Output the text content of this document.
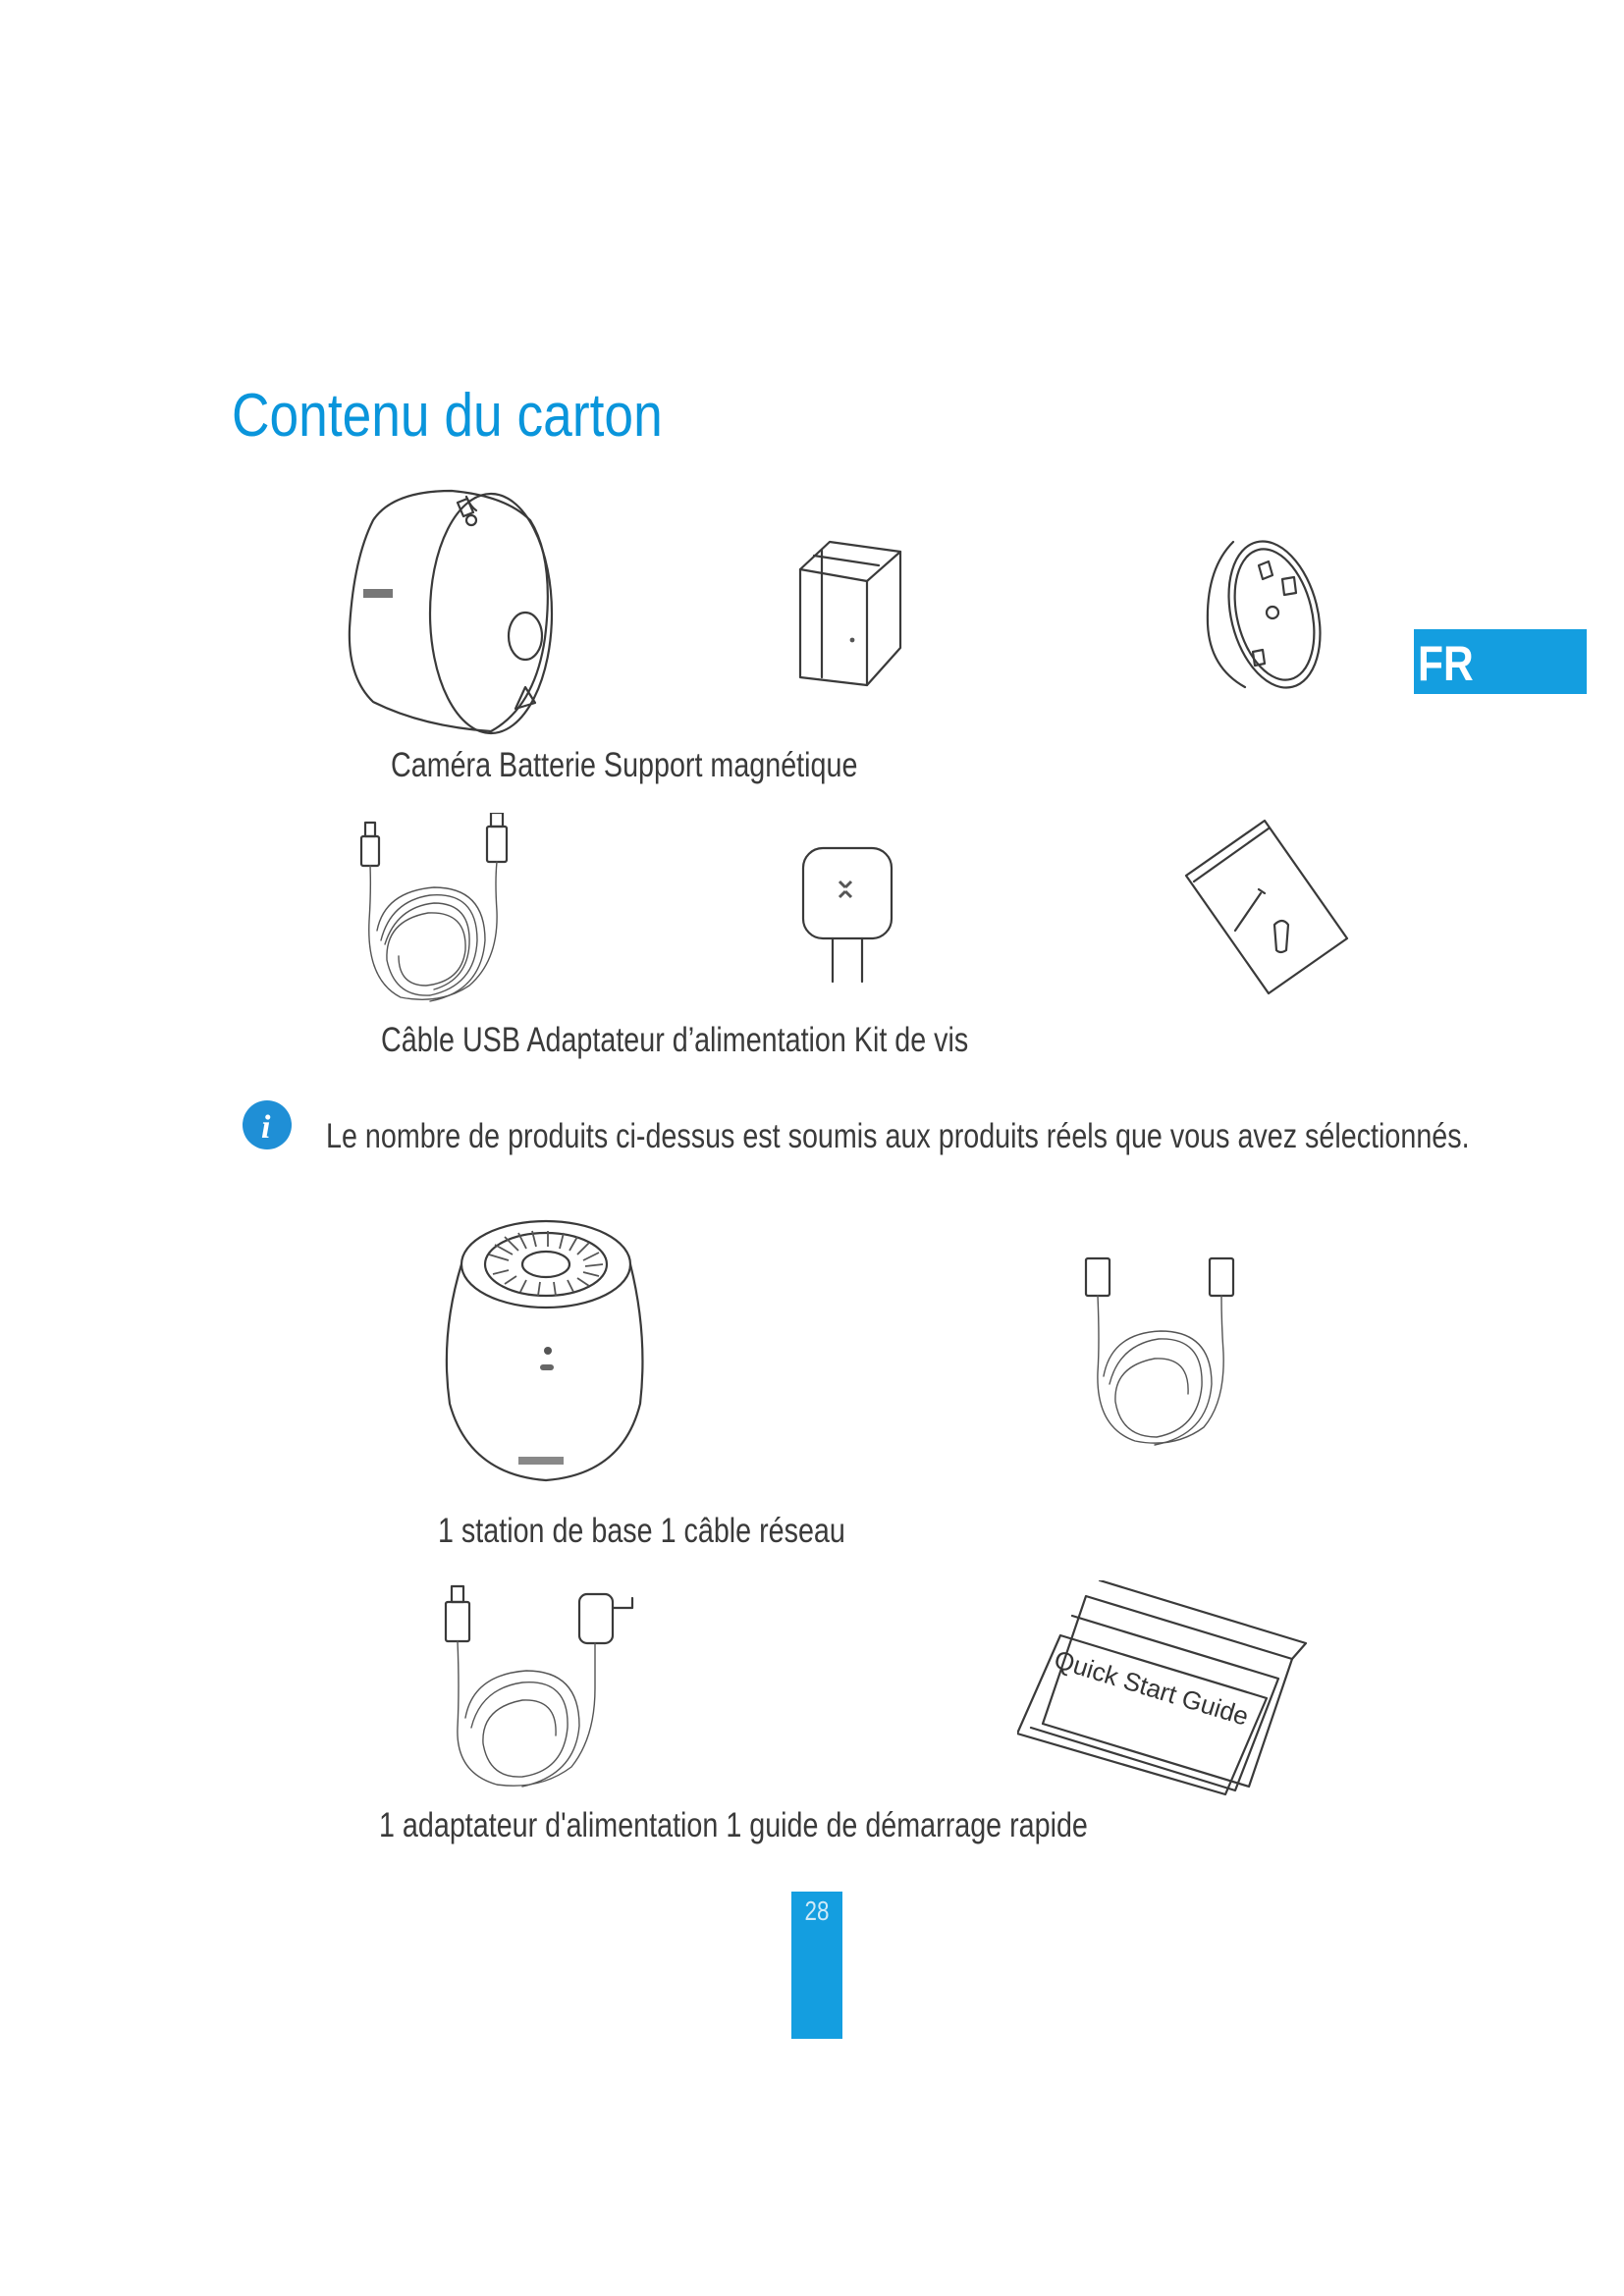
Contenu du carton
FR
Caméra Batterie Support magnétique
Câble USB Adaptateur d’alimentation Kit de vis
i Le nombre de produits ci-dessus est soumis aux produits réels que vous avez sélectionnés.
1 station de base 1 câble réseau
Quick Start Guide
1 adaptateur d'alimentation 1 guide de démarrage rapide
28
